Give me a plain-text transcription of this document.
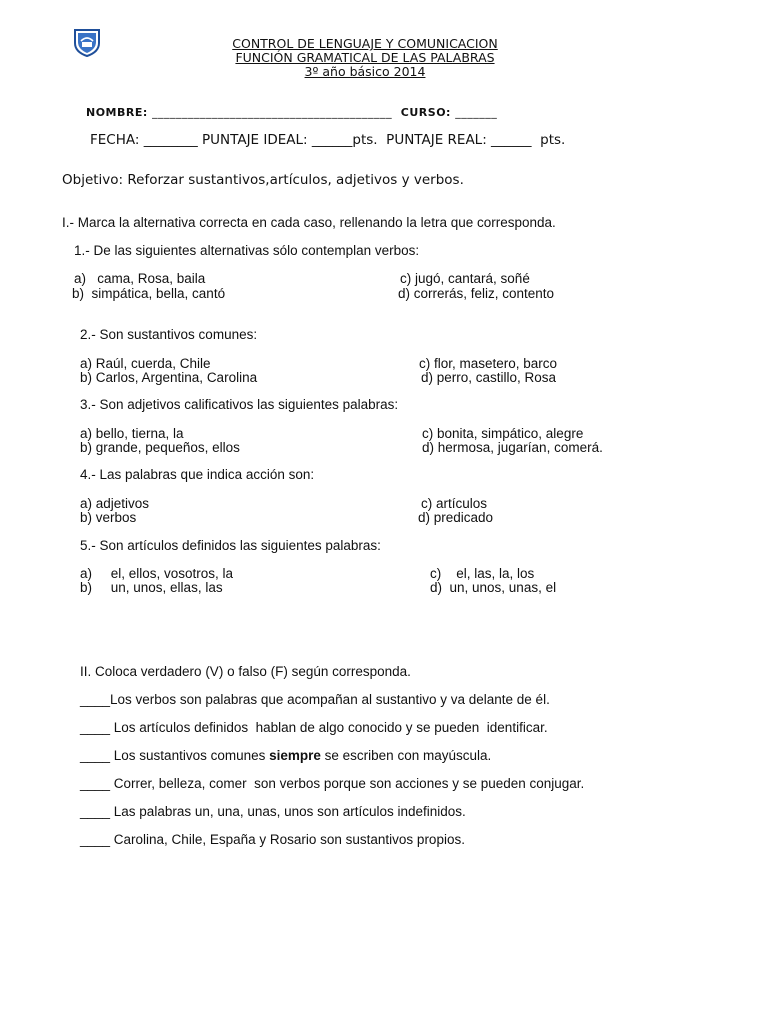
CONTROL DE LENGUAJE Y COMUNICACION
FUNCIÓN GRAMATICAL DE LAS PALABRAS
3º año básico 2014
NOMBRE: ________________________________________ CURSO: _______
FECHA: ________ PUNTAJE IDEAL: ______pts. PUNTAJE REAL: ______ pts.
Objetivo: Reforzar sustantivos,artículos, adjetivos y verbos.
I.- Marca la alternativa correcta en cada caso, rellenando la letra que corresponda.
1.- De las siguientes alternativas sólo contemplan verbos:
a)   cama, Rosa, baila
b)  simpática, bella, cantó
c) jugó, cantará, soñé
d) correrás, feliz, contento
2.- Son sustantivos comunes:
a) Raúl, cuerda, Chile
b) Carlos, Argentina, Carolina
c) flor, masetero, barco
d) perro, castillo, Rosa
3.- Son adjetivos calificativos las siguientes palabras:
a) bello, tierna, la
b) grande, pequeños, ellos
c) bonita, simpático, alegre
d) hermosa, jugarían, comerá.
4.- Las palabras que indica acción son:
a) adjetivos
b) verbos
c) artículos
d) predicado
5.- Son artículos definidos las siguientes palabras:
a)     el, ellos, vosotros, la
b)     un, unos, ellas, las
c)    el, las, la, los
d)  un, unos, unas, el
II. Coloca verdadero (V) o falso (F) según corresponda.
____Los verbos son palabras que acompañan al sustantivo y va delante de él.
____ Los artículos definidos  hablan de algo conocido y se pueden  identificar.
____ Los sustantivos comunes siempre se escriben con mayúscula.
____ Correr, belleza, comer  son verbos porque son acciones y se pueden conjugar.
____ Las palabras un, una, unas, unos son artículos indefinidos.
____ Carolina, Chile, España y Rosario son sustantivos propios.
